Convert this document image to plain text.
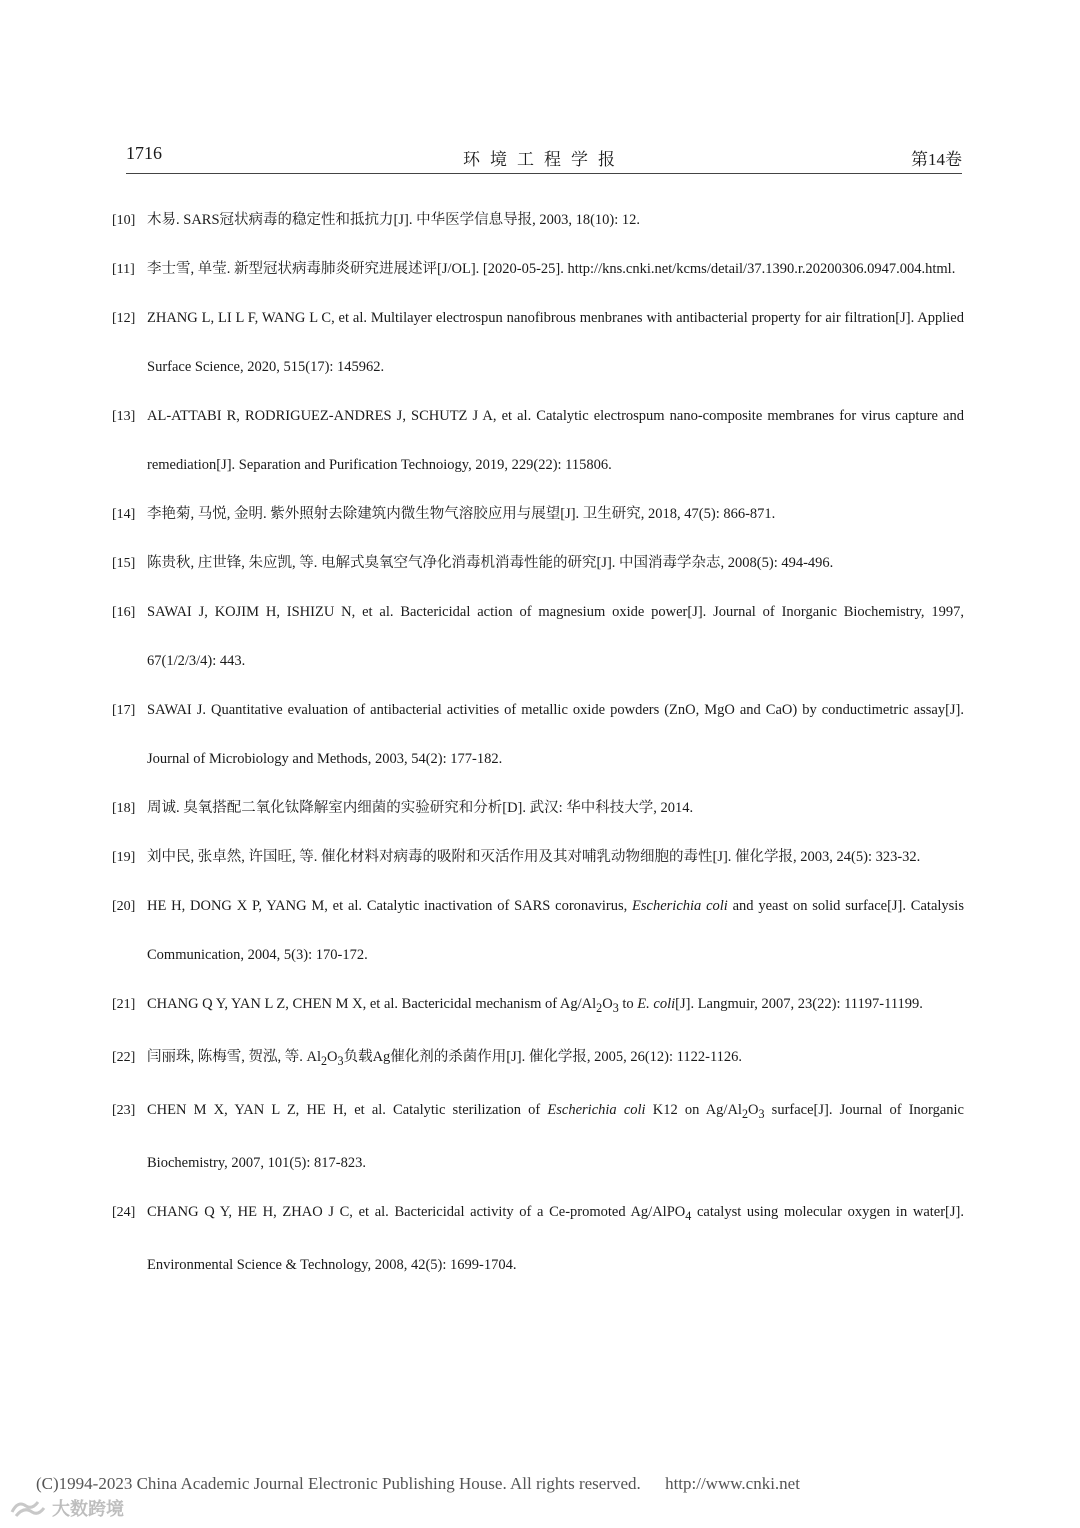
1716	环境工程学报	第14卷
[10] 木易. SARS冠状病毒的稳定性和抵抗力[J]. 中华医学信息导报, 2003, 18(10): 12.
[11] 李士雪, 单莹. 新型冠状病毒肺炎研究进展述评[J/OL]. [2020-05-25]. http://kns.cnki.net/kcms/detail/37.1390.r.20200306.0947.004.html.
[12] ZHANG L, LI L F, WANG L C, et al. Multilayer electrospun nanofibrous menbranes with antibacterial property for air filtration[J]. Applied Surface Science, 2020, 515(17): 145962.
[13] AL-ATTABI R, RODRIGUEZ-ANDRES J, SCHUTZ J A, et al. Catalytic electrospum nano-composite membranes for virus capture and remediation[J]. Separation and Purification Technoiogy, 2019, 229(22): 115806.
[14] 李艳菊, 马悦, 金明. 紫外照射去除建筑内微生物气溶胶应用与展望[J]. 卫生研究, 2018, 47(5): 866-871.
[15] 陈贵秋, 庄世锋, 朱应凯, 等. 电解式臭氧空气净化消毒机消毒性能的研究[J]. 中国消毒学杂志, 2008(5): 494-496.
[16] SAWAI J, KOJIM H, ISHIZU N, et al. Bactericidal action of magnesium oxide power[J]. Journal of Inorganic Biochemistry, 1997, 67(1/2/3/4): 443.
[17] SAWAI J. Quantitative evaluation of antibacterial activities of metallic oxide powders (ZnO, MgO and CaO) by conductimetric assay[J]. Journal of Microbiology and Methods, 2003, 54(2): 177-182.
[18] 周诚. 臭氧搭配二氧化钛降解室内细菌的实验研究和分析[D]. 武汉: 华中科技大学, 2014.
[19] 刘中民, 张卓然, 许国旺, 等. 催化材料对病毒的吸附和灭活作用及其对哺乳动物细胞的毒性[J]. 催化学报, 2003, 24(5): 323-32.
[20] HE H, DONG X P, YANG M, et al. Catalytic inactivation of SARS coronavirus, Escherichia coli and yeast on solid surface[J]. Catalysis Communication, 2004, 5(3): 170-172.
[21] CHANG Q Y, YAN L Z, CHEN M X, et al. Bactericidal mechanism of $Ag/Al_2O_3$ to E. coli[J]. Langmuir, 2007, 23(22): 11197-11199.
[22] 闫丽珠, 陈梅雪, 贺泓, 等. $Al_2O_3$负载Ag催化剂的杀菌作用[J]. 催化学报, 2005, 26(12): 1122-1126.
[23] CHEN M X, YAN L Z, HE H, et al. Catalytic sterilization of Escherichia coli K12 on $Ag/Al_2O_3$ surface[J]. Journal of Inorganic Biochemistry, 2007, 101(5): 817-823.
[24] CHANG Q Y, HE H, ZHAO J C, et al. Bactericidal activity of a Ce-promoted Ag/AlPO$_4$ catalyst using molecular oxygen in water[J]. Environmental Science & Technology, 2008, 42(5): 1699-1704.
(C)1994-2023 China Academic Journal Electronic Publishing House. All rights reserved. http://www.cnki.net
大数跨境
